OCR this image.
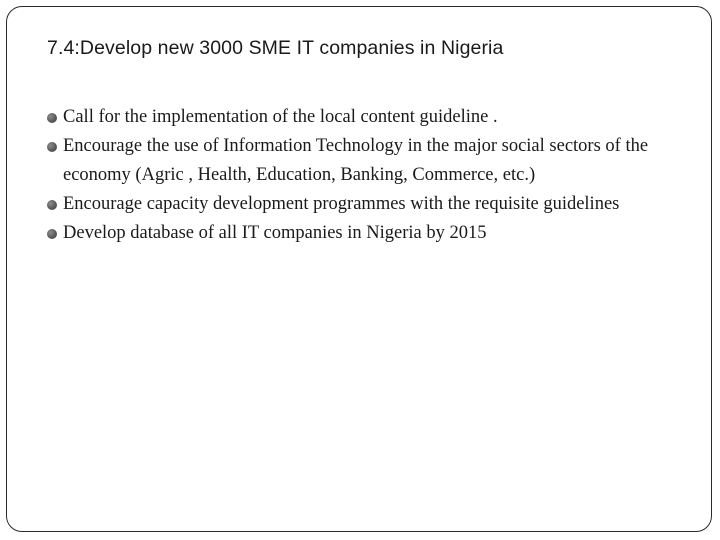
7.4:Develop new 3000 SME IT companies in Nigeria
Call for the implementation of the local content guideline .
Encourage the use of Information Technology in the major social sectors of the economy (Agric , Health, Education, Banking, Commerce, etc.)
Encourage capacity development programmes with the requisite guidelines
Develop database of all IT companies in Nigeria by 2015
